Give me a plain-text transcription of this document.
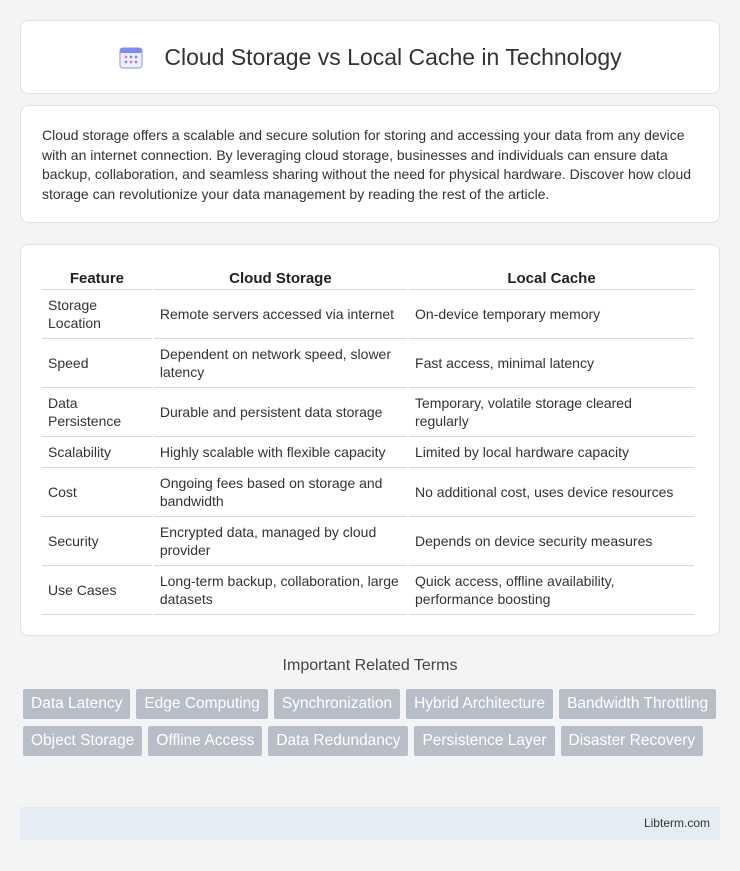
Cloud Storage vs Local Cache in Technology

Cloud storage offers a scalable and secure solution for storing and accessing your data from any device with an internet connection. By leveraging cloud storage, businesses and individuals can ensure data backup, collaboration, and seamless sharing without the need for physical hardware. Discover how cloud storage can revolutionize your data management by reading the rest of the article.

Feature	Cloud Storage	Local Cache
Storage Location	Remote servers accessed via internet	On-device temporary memory
Speed	Dependent on network speed, slower latency	Fast access, minimal latency
Data Persistence	Durable and persistent data storage	Temporary, volatile storage cleared regularly
Scalability	Highly scalable with flexible capacity	Limited by local hardware capacity
Cost	Ongoing fees based on storage and bandwidth	No additional cost, uses device resources
Security	Encrypted data, managed by cloud provider	Depends on device security measures
Use Cases	Long-term backup, collaboration, large datasets	Quick access, offline availability, performance boosting
Important Related Terms
Data Latency	Edge Computing	Synchronization	Hybrid Architecture	Bandwidth Throttling
Object Storage	Offline Access	Data Redundancy	Persistence Layer	Disaster Recovery
Libterm.com
